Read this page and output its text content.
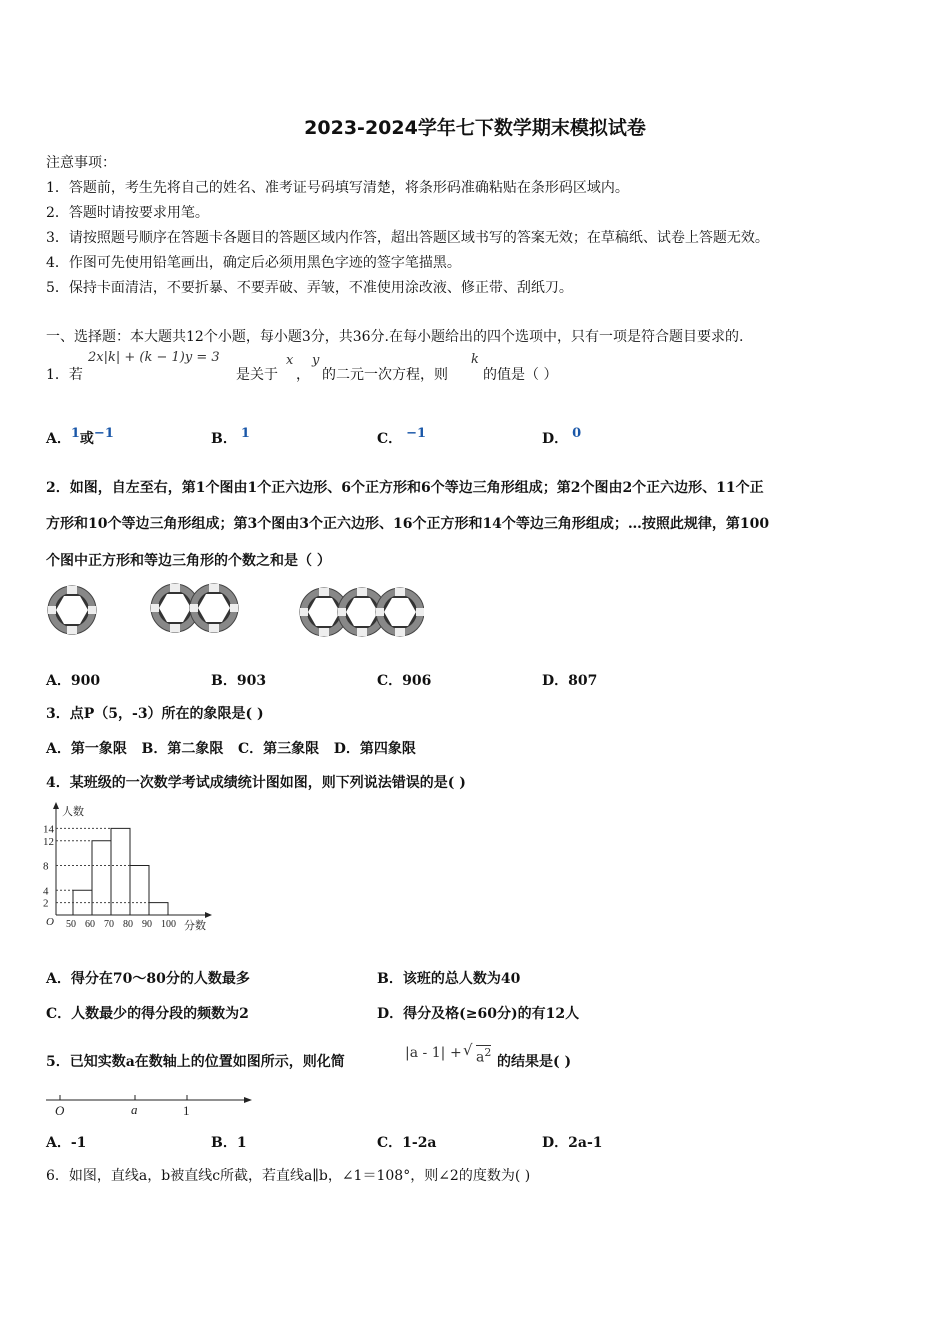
2023-2024学年七下数学期末模拟试卷
注意事项：
1．答题前，考生先将自己的姓名、准考证号码填写清楚，将条形码准确粘贴在条形码区域内。
2．答题时请按要求用笔。
3．请按照题号顺序在答题卡各题目的答题区域内作答，超出答题区域书写的答案无效；在草稿纸、试卷上答题无效。
4．作图可先使用铅笔画出，确定后必须用黑色字迹的签字笔描黑。
5．保持卡面清洁，不要折暴、不要弄破、弄皱，不准使用涂改液、修正带、刮纸刀。
一、选择题：本大题共12个小题，每小题3分，共36分.在每小题给出的四个选项中，只有一项是符合题目要求的.
1．若
2x|k| + (k − 1)y = 3
是关于
x
，
y
的二元一次方程，则
k
的值是（ ）
A．1或−1	B． 1	C． −1	D． 0
2．如图，自左至右，第1个图由1个正六边形、6个正方形和6个等边三角形组成；第2个图由2个正六边形、11个正
方形和10个等边三角形组成；第3个图由3个正六边形、16个正方形和14个等边三角形组成；…按照此规律，第100
个图中正方形和等边三角形的个数之和是（ ）
A．900	B．903	C．906	D．807
3．点P（5，-3）所在的象限是( )
A．第一象限   B．第二象限   C．第三象限   D．第四象限
4．某班级的一次数学考试成绩统计图如图，则下列说法错误的是( )
人数
分数
O
2
4
8
12
14
50 60 70 80 90 100
A．得分在70～80分的人数最多	B．该班的总人数为40
C．人数最少的得分段的频数为2	D．得分及格(≥60分)的有12人
5．已知实数a在数轴上的位置如图所示，则化简
|a - 1| + √ $a^2$
的结果是( )
O	a	1
A．-1	B．1	C．1-2a	D．2a-1
6．如图，直线a，b被直线c所截，若直线a∥b，∠1＝108°，则∠2的度数为( )
